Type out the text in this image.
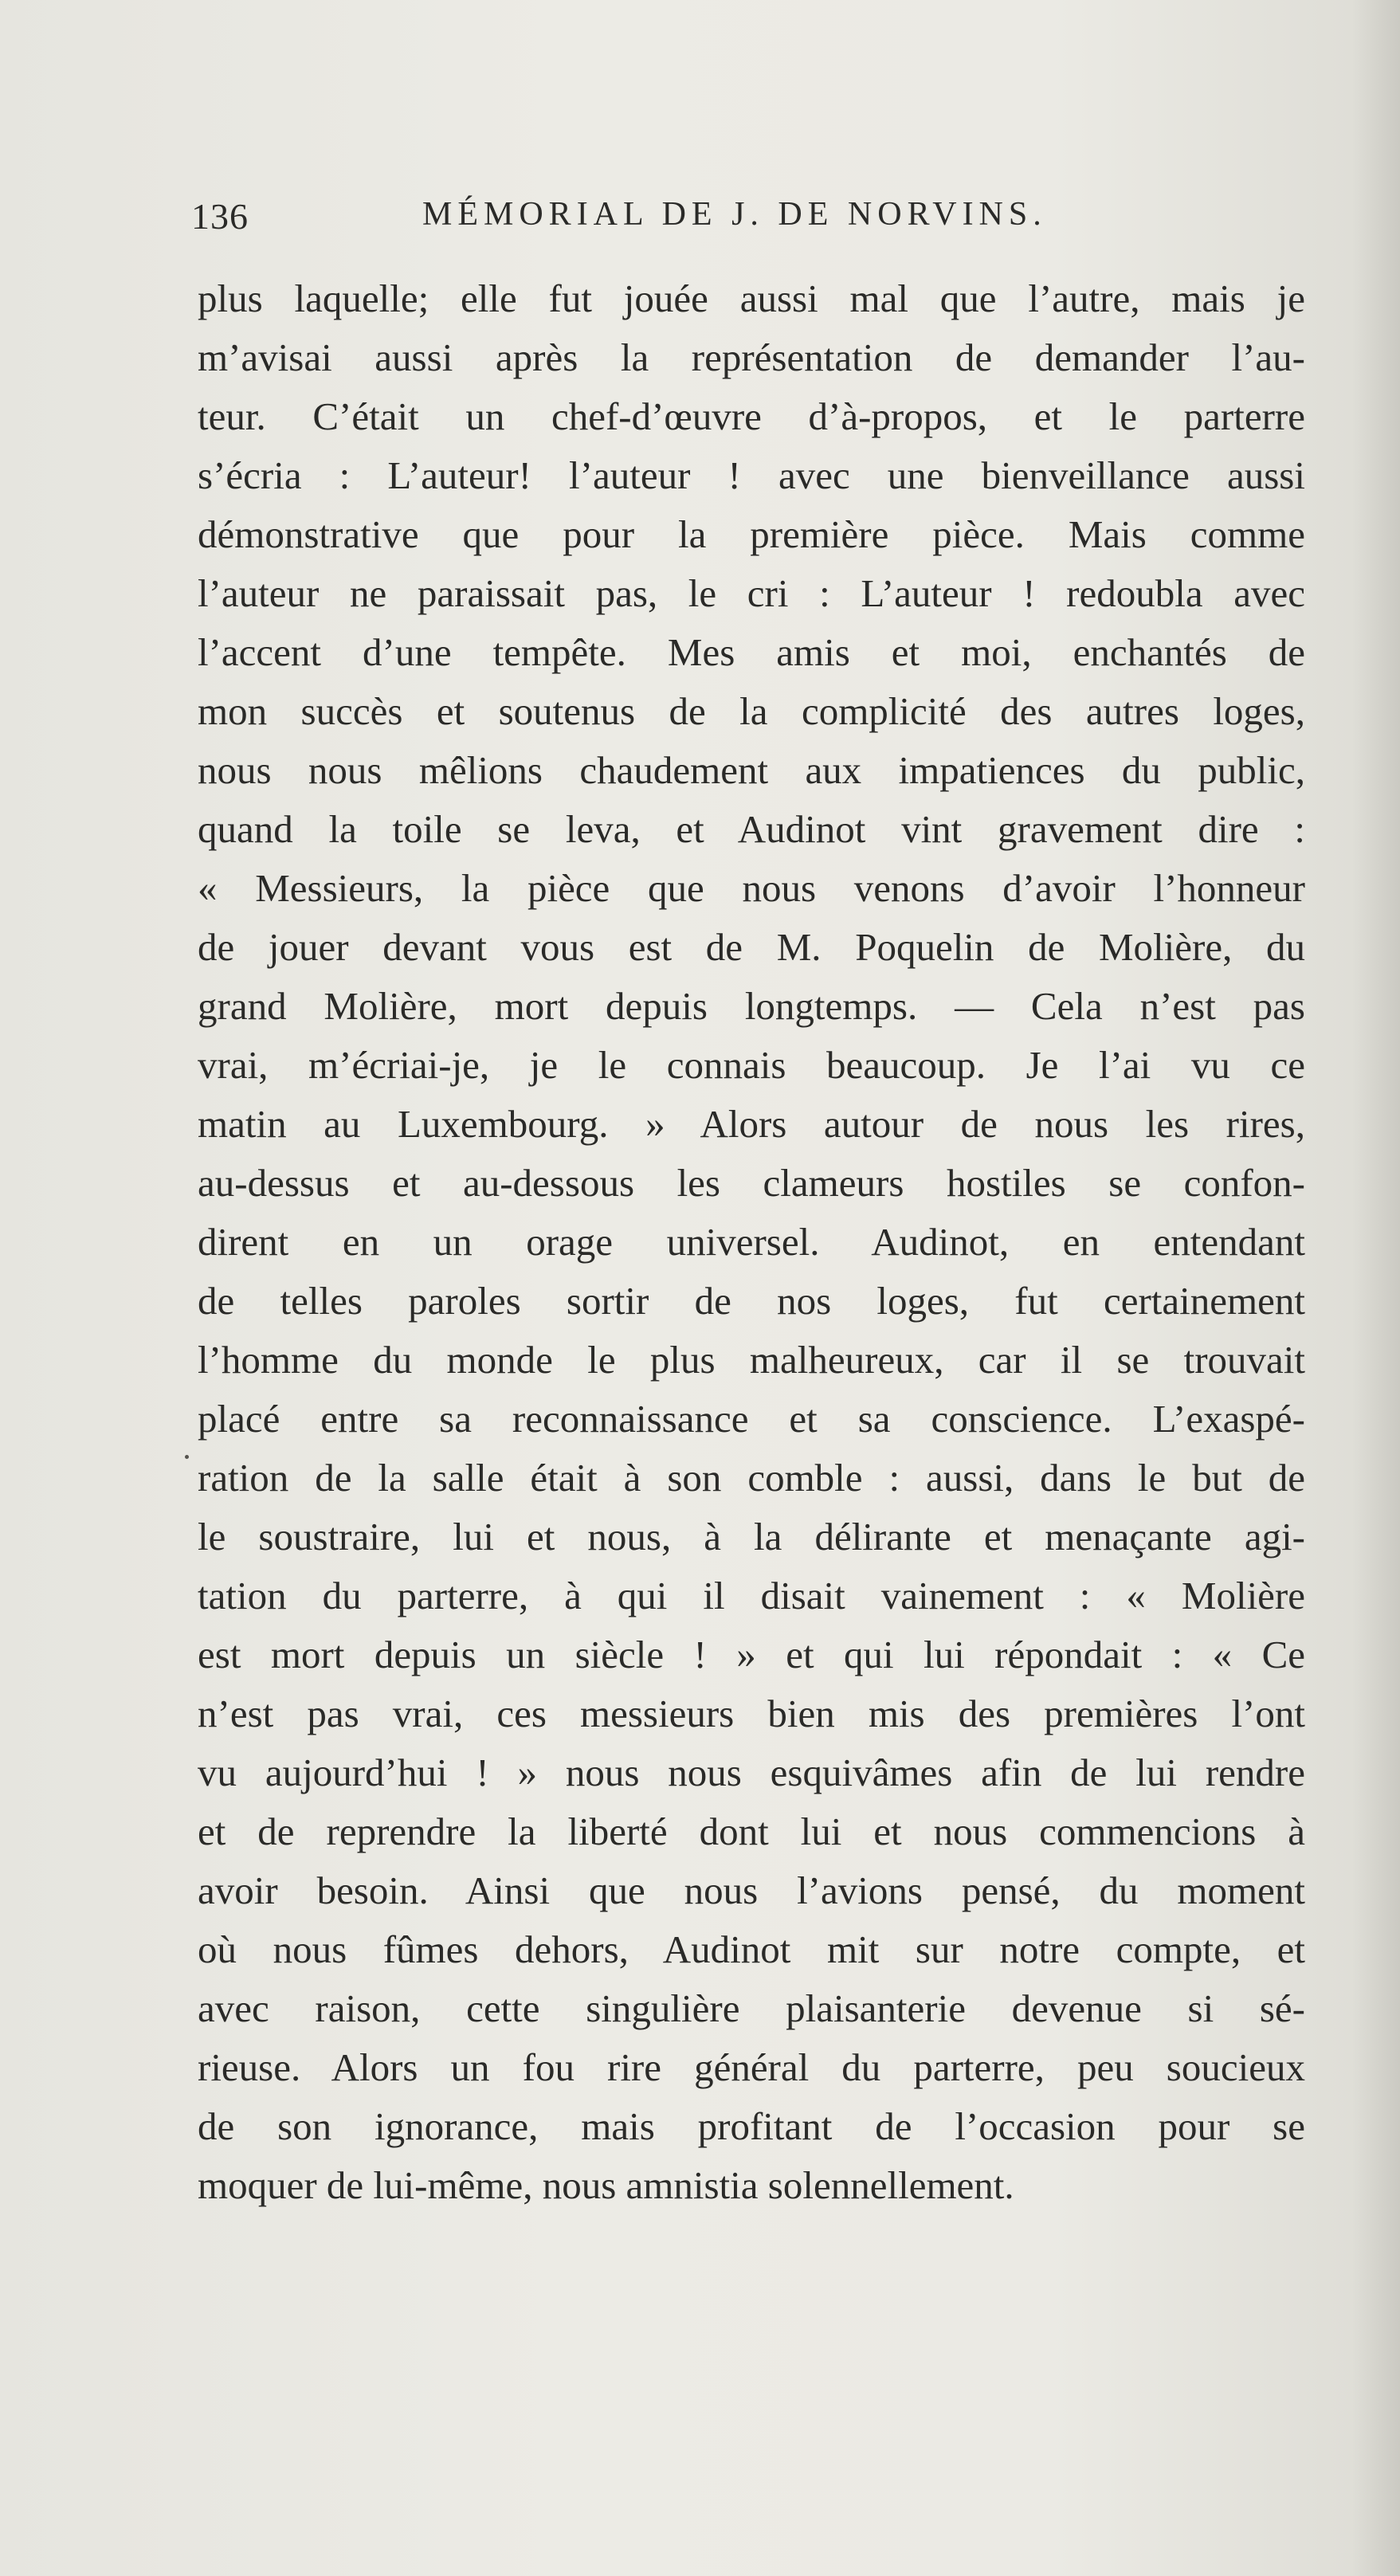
136	MÉMORIAL DE J. DE NORVINS.
plus laquelle; elle fut jouée aussi mal que l’autre, mais je
m’avisai aussi après la représentation de demander l’au-
teur. C’était un chef-d’œuvre d’à-propos, et le parterre
s’écria : L’auteur! l’auteur ! avec une bienveillance aussi
démonstrative que pour la première pièce. Mais comme
l’auteur ne paraissait pas, le cri : L’auteur ! redoubla avec
l’accent d’une tempête. Mes amis et moi, enchantés de
mon succès et soutenus de la complicité des autres loges,
nous nous mêlions chaudement aux impatiences du public,
quand la toile se leva, et Audinot vint gravement dire :
« Messieurs, la pièce que nous venons d’avoir l’honneur
de jouer devant vous est de M. Poquelin de Molière, du
grand Molière, mort depuis longtemps. — Cela n’est pas
vrai, m’écriai-je, je le connais beaucoup. Je l’ai vu ce
matin au Luxembourg. » Alors autour de nous les rires,
au-dessus et au-dessous les clameurs hostiles se confon-
dirent en un orage universel. Audinot, en entendant
de telles paroles sortir de nos loges, fut certainement
l’homme du monde le plus malheureux, car il se trouvait
placé entre sa reconnaissance et sa conscience. L’exaspé-
ration de la salle était à son comble : aussi, dans le but de
le soustraire, lui et nous, à la délirante et menaçante agi-
tation du parterre, à qui il disait vainement : « Molière
est mort depuis un siècle ! » et qui lui répondait : « Ce
n’est pas vrai, ces messieurs bien mis des premières l’ont
vu aujourd’hui ! » nous nous esquivâmes afin de lui rendre
et de reprendre la liberté dont lui et nous commencions à
avoir besoin. Ainsi que nous l’avions pensé, du moment
où nous fûmes dehors, Audinot mit sur notre compte, et
avec raison, cette singulière plaisanterie devenue si sé-
rieuse. Alors un fou rire général du parterre, peu soucieux
de son ignorance, mais profitant de l’occasion pour se
moquer de lui-même, nous amnistia solennellement.
